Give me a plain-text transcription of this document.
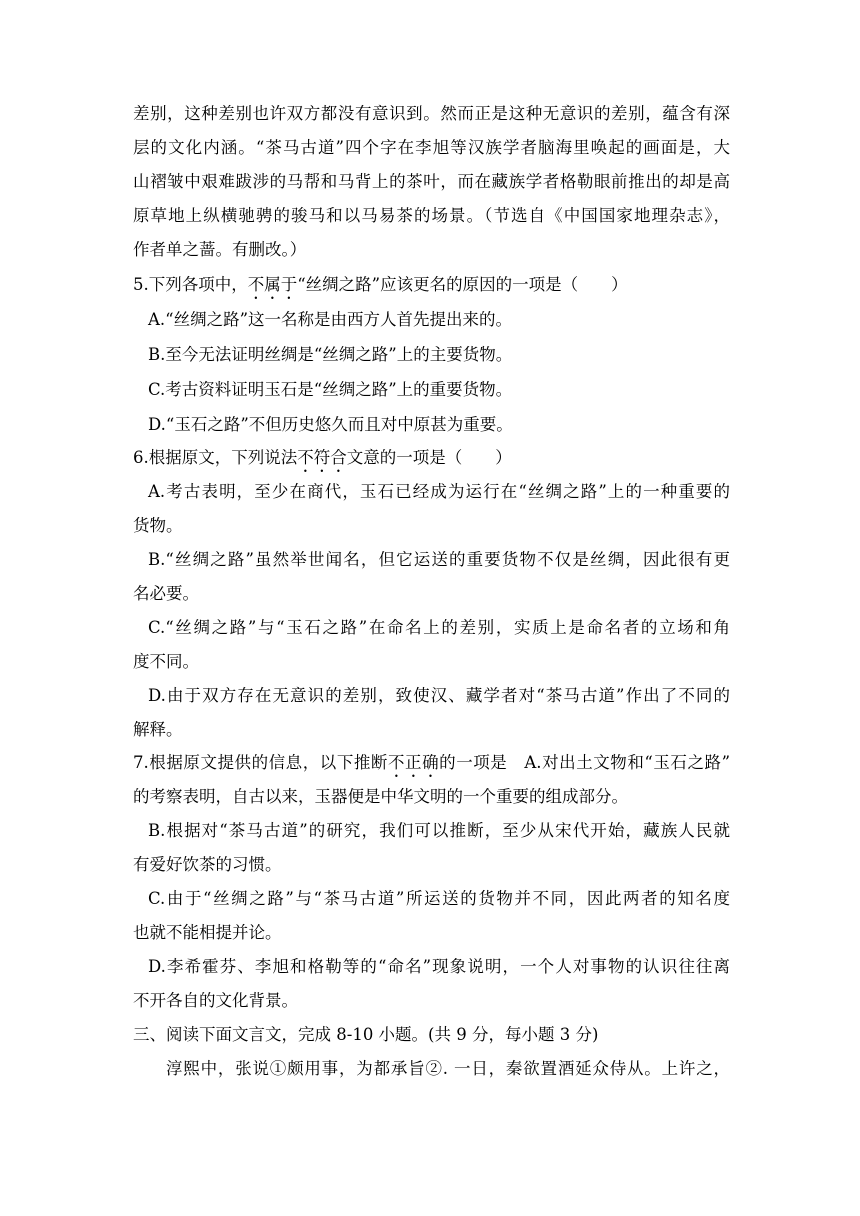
差别，这种差别也许双方都没有意识到。然而正是这种无意识的差别，蕴含有深
层的文化内涵。“茶马古道”四个字在李旭等汉族学者脑海里唤起的画面是，大
山褶皱中艰难跋涉的马帮和马背上的茶叶，而在藏族学者格勒眼前推出的却是高
原草地上纵横驰骋的骏马和以马易茶的场景。（节选自《中国国家地理杂志》，
作者单之蔷。有删改。）
5.下列各项中，不属于“丝绸之路”应该更名的原因的一项是（　　）
A.“丝绸之路”这一名称是由西方人首先提出来的。
B.至今无法证明丝绸是“丝绸之路”上的主要货物。
C.考古资料证明玉石是“丝绸之路”上的重要货物。
D.“玉石之路”不但历史悠久而且对中原甚为重要。
6.根据原文，下列说法不符合文意的一项是（　　）
A.考古表明，至少在商代，玉石已经成为运行在“丝绸之路”上的一种重要的
货物。
B.“丝绸之路”虽然举世闻名，但它运送的重要货物不仅是丝绸，因此很有更
名必要。
C.“丝绸之路”与“玉石之路”在命名上的差别，实质上是命名者的立场和角
度不同。
D.由于双方存在无意识的差别，致使汉、藏学者对“茶马古道”作出了不同的
解释。
7.根据原文提供的信息，以下推断不正确的一项是　A.对出土文物和“玉石之路”
的考察表明，自古以来，玉器便是中华文明的一个重要的组成部分。
B.根据对“茶马古道”的研究，我们可以推断，至少从宋代开始，藏族人民就
有爱好饮茶的习惯。
C.由于“丝绸之路”与“茶马古道”所运送的货物并不同，因此两者的知名度
也就不能相提并论。
D.李希霍芬、李旭和格勒等的“命名”现象说明，一个人对事物的认识往往离
不开各自的文化背景。
三、阅读下面文言文，完成 8-10 小题。(共 9 分，每小题 3 分)
淳熙中，张说①颇用事，为都承旨②. 一日，秦欲置酒延众侍从。上许之，
